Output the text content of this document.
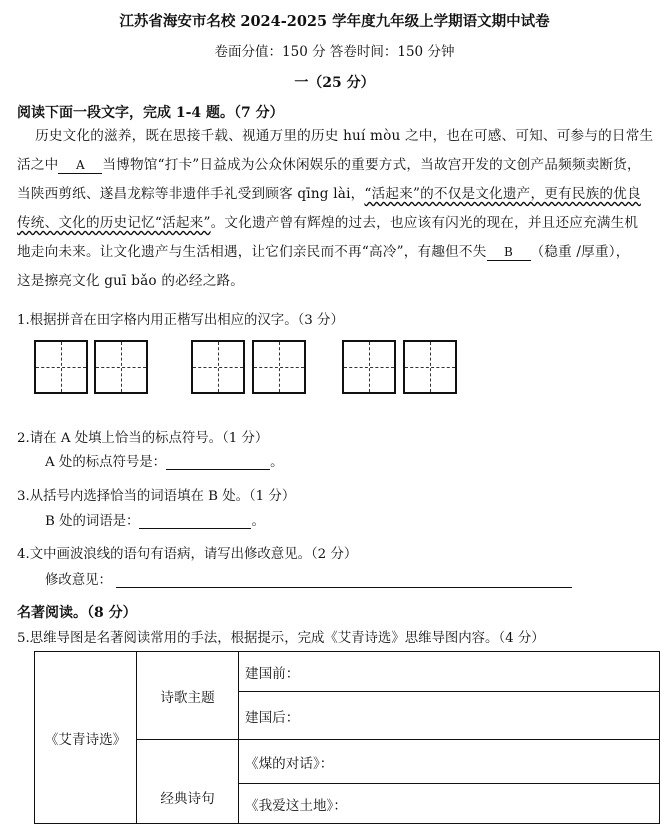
江苏省海安市名校 2024-2025 学年度九年级上学期语文期中试卷
卷面分值：150 分 答卷时间：150 分钟
一（25 分）
阅读下面一段文字，完成 1-4 题。（7 分）
历史文化的滋养，既在思接千载、视通万里的历史 huí mòu 之中，也在可感、可知、可参与的日常生
活之中 A 当博物馆“打卡”日益成为公众休闲娱乐的重要方式，当故宫开发的文创产品频频卖断货，
当陕西剪纸、遂昌龙粽等非遗伴手礼受到顾客 qīng lài，“活起来”的不仅是文化遗产，更有民族的优良
传统、文化的历史记忆“活起来”。文化遗产曾有辉煌的过去，也应该有闪光的现在，并且还应充满生机
地走向未来。让文化遗产与生活相遇，让它们亲民而不再“高冷”，有趣但不失 B （稳重 /厚重），
这是擦亮文化 guī bǎo 的必经之路。
1.根据拼音在田字格内用正楷写出相应的汉字。（3 分）
2.请在 A 处填上恰当的标点符号。（1 分）
A 处的标点符号是：	。
3.从括号内选择恰当的词语填在 B 处。（1 分）
B 处的词语是：	。
4.文中画波浪线的语句有语病，请写出修改意见。（2 分）
修改意见：
名著阅读。（8 分）
5.思维导图是名著阅读常用的手法，根据提示，完成《艾青诗选》思维导图内容。（4 分）
《艾青诗选》	诗歌主题	建国前：
		建国后：
	经典诗句	《煤的对话》：
		《我爱这土地》：
